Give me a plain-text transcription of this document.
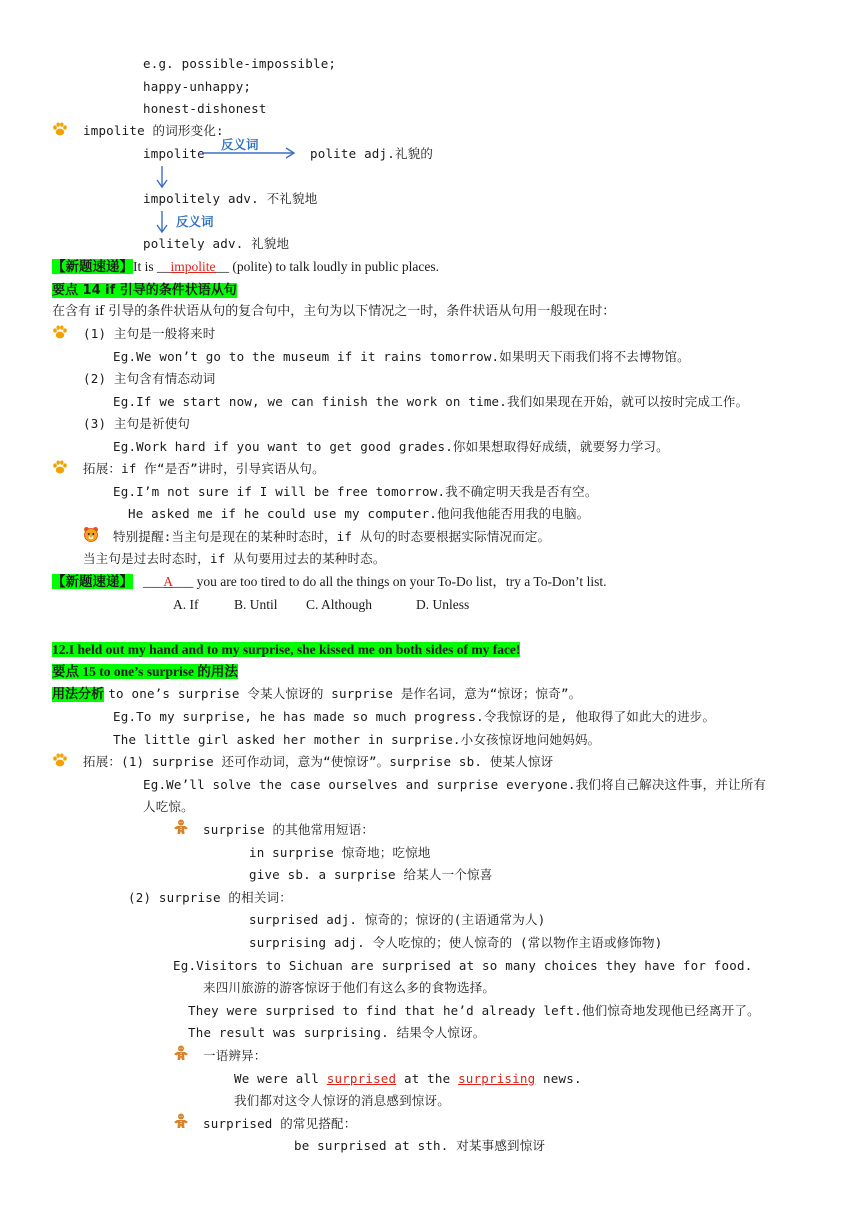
e.g. possible-impossible;
happy-unhappy;
honest-dishonest
impolite 的词形变化:
impolite
反义词
polite adj.礼貌的
impolitely adv. 不礼貌地
反义词
politely adv. 礼貌地
【新题速递】It is __impolite__ (polite) to talk loudly in public places.
要点 14 if 引导的条件状语从句
在含有 if 引导的条件状语从句的复合句中，主句为以下情况之一时，条件状语从句用一般现在时：
(1) 主句是一般将来时
Eg.We won’t go to the museum if it rains tomorrow.如果明天下雨我们将不去博物馆。
(2) 主句含有情态动词
Eg.If we start now, we can finish the work on time.我们如果现在开始，就可以按时完成工作。
(3) 主句是祈使句
Eg.Work hard if you want to get good grades.你如果想取得好成绩，就要努力学习。
拓展：if 作“是否”讲时，引导宾语从句。
Eg.I’m not sure if I will be free tomorrow.我不确定明天我是否有空。
He asked me if he could use my computer.他问我他能否用我的电脑。
特别提醒:当主句是现在的某种时态时，if 从句的时态要根据实际情况而定。
当主句是过去时态时，if 从句要用过去的某种时态。
【新题速递】 ___A___ you are too tired to do all the things on your To-Do list，try a To-Don’t list.
A. If	B. Until C. Although	D. Unless
12.I held out my hand and to my surprise, she kissed me on both sides of my face!
要点 15 to one’s surprise 的用法
用法分析 to one’s surprise 令某人惊讶的 surprise 是作名词，意为“惊讶；惊奇”。
Eg.To my surprise, he has made so much progress.令我惊讶的是, 他取得了如此大的进步。
The little girl asked her mother in surprise.小女孩惊讶地问她妈妈。
拓展：(1) surprise 还可作动词，意为“使惊讶”。surprise sb. 使某人惊讶
Eg.We’ll solve the case ourselves and surprise everyone.我们将自己解决这件事，并让所有
人吃惊。
surprise 的其他常用短语：
in surprise 惊奇地；吃惊地
give sb. a surprise 给某人一个惊喜
(2) surprise 的相关词：
surprised adj. 惊奇的；惊讶的(主语通常为人)
surprising adj. 令人吃惊的；使人惊奇的 (常以物作主语或修饰物)
Eg.Visitors to Sichuan are surprised at so many choices they have for food.
来四川旅游的游客惊讶于他们有这么多的食物选择。
They were surprised to find that he’d already left.他们惊奇地发现他已经离开了。
The result was surprising. 结果令人惊讶。
一语辨异：
We were all surprised at the surprising news.
我们都对这令人惊讶的消息感到惊讶。
surprised 的常见搭配：
be surprised at sth. 对某事感到惊讶
